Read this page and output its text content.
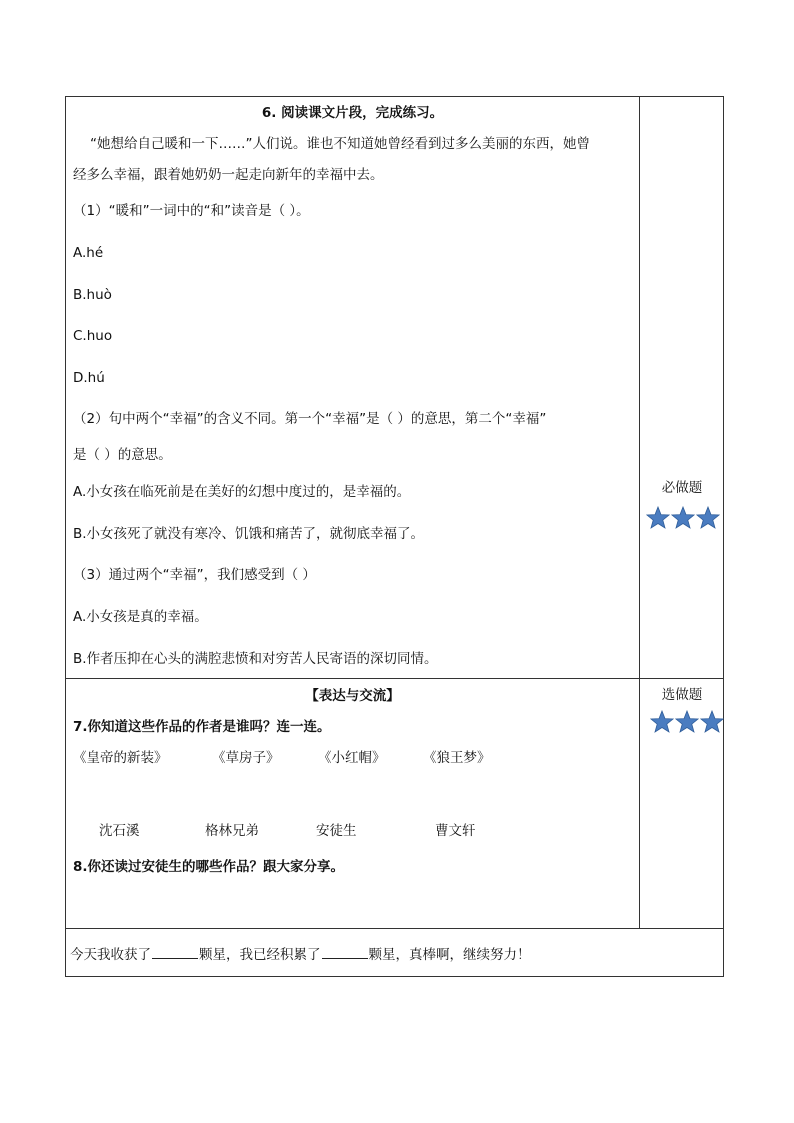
6. 阅读课文片段，完成练习。
“她想给自己暖和一下……”人们说。谁也不知道她曾经看到过多么美丽的东西，她曾
经多么幸福，跟着她奶奶一起走向新年的幸福中去。
（1）“暖和”一词中的“和”读音是（ ）。
A.hé
B.huò
C.huo
D.hú
（2）句中两个“幸福”的含义不同。第一个“幸福”是（ ）的意思，第二个“幸福”
是（ ）的意思。
A.小女孩在临死前是在美好的幻想中度过的，是幸福的。
B.小女孩死了就没有寒冷、饥饿和痛苦了，就彻底幸福了。
（3）通过两个“幸福”，我们感受到（ ）
A.小女孩是真的幸福。
B.作者压抑在心头的满腔悲愤和对穷苦人民寄语的深切同情。
必做题
【表达与交流】
7.你知道这些作品的作者是谁吗？连一连。
《皇帝的新装》	《草房子》	《小红帽》	《狼王梦》
沈石溪	格林兄弟	安徒生	曹文轩
8.你还读过安徒生的哪些作品？跟大家分享。
选做题
今天我收获了	颗星，我已经积累了	颗星，真棒啊，继续努力！
